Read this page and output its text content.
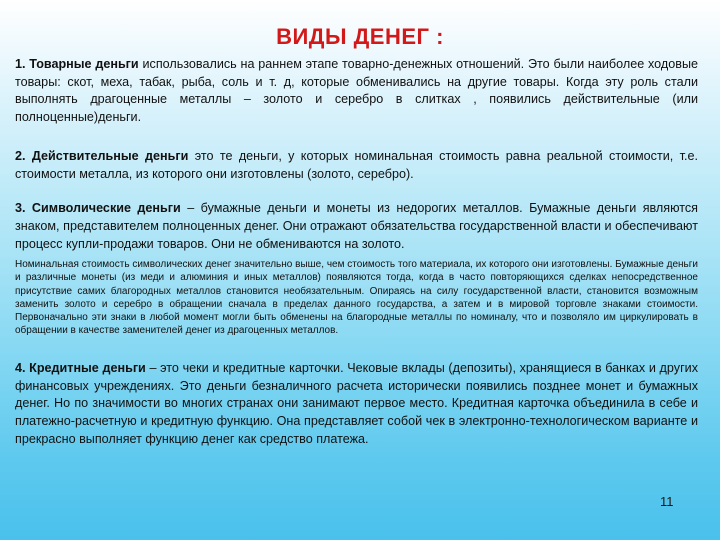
ВИДЫ ДЕНЕГ :

1. Товарные деньги использовались на раннем этапе товарно-денежных отношений. Это были наиболее ходовые товары: скот, меха, табак, рыба, соль и т. д, которые обменивались на другие товары. Когда эту роль стали выполнять драгоценные металлы – золото и серебро в слитках , появились действительные (или полноценные)деньги.

2. Действительные деньги это те деньги, у которых номинальная стоимость равна реальной стоимости, т.е. стоимости металла, из которого они изготовлены (золото, серебро).

3. Символические деньги – бумажные деньги и монеты из недорогих металлов. Бумажные деньги являются знаком, представителем полноценных денег. Они отражают обязательства государственной власти и обеспечивают процесс купли-продажи товаров. Они не обмениваются на золото.

Номинальная стоимость символических денег значительно выше, чем стоимость того материала, их которого они изготовлены. Бумажные деньги и различные монеты (из меди и алюминия и иных металлов) появляются тогда, когда в часто повторяющихся сделках непосредственное присутствие самих благородных металлов становится необязательным. Опираясь на силу государственной власти, становится возможным заменить золото и серебро в обращении сначала в пределах данного государства, а затем и в мировой торговле знаками стоимости. Первоначально эти знаки в любой момент могли быть обменены на благородные металлы по номиналу, что и позволяло им циркулировать в обращении в качестве заменителей денег из драгоценных металлов.

4. Кредитные деньги – это чеки и кредитные карточки. Чековые вклады (депозиты), хранящиеся в банках и других финансовых учреждениях. Это деньги безналичного расчета исторически появились позднее монет и бумажных денег. Но по значимости во многих странах они занимают первое место. Кредитная карточка объединила в себе и платежно-расчетную и кредитную функцию. Она представляет собой чек в электронно-технологическом варианте и прекрасно выполняет функцию денег как средство платежа.

11
